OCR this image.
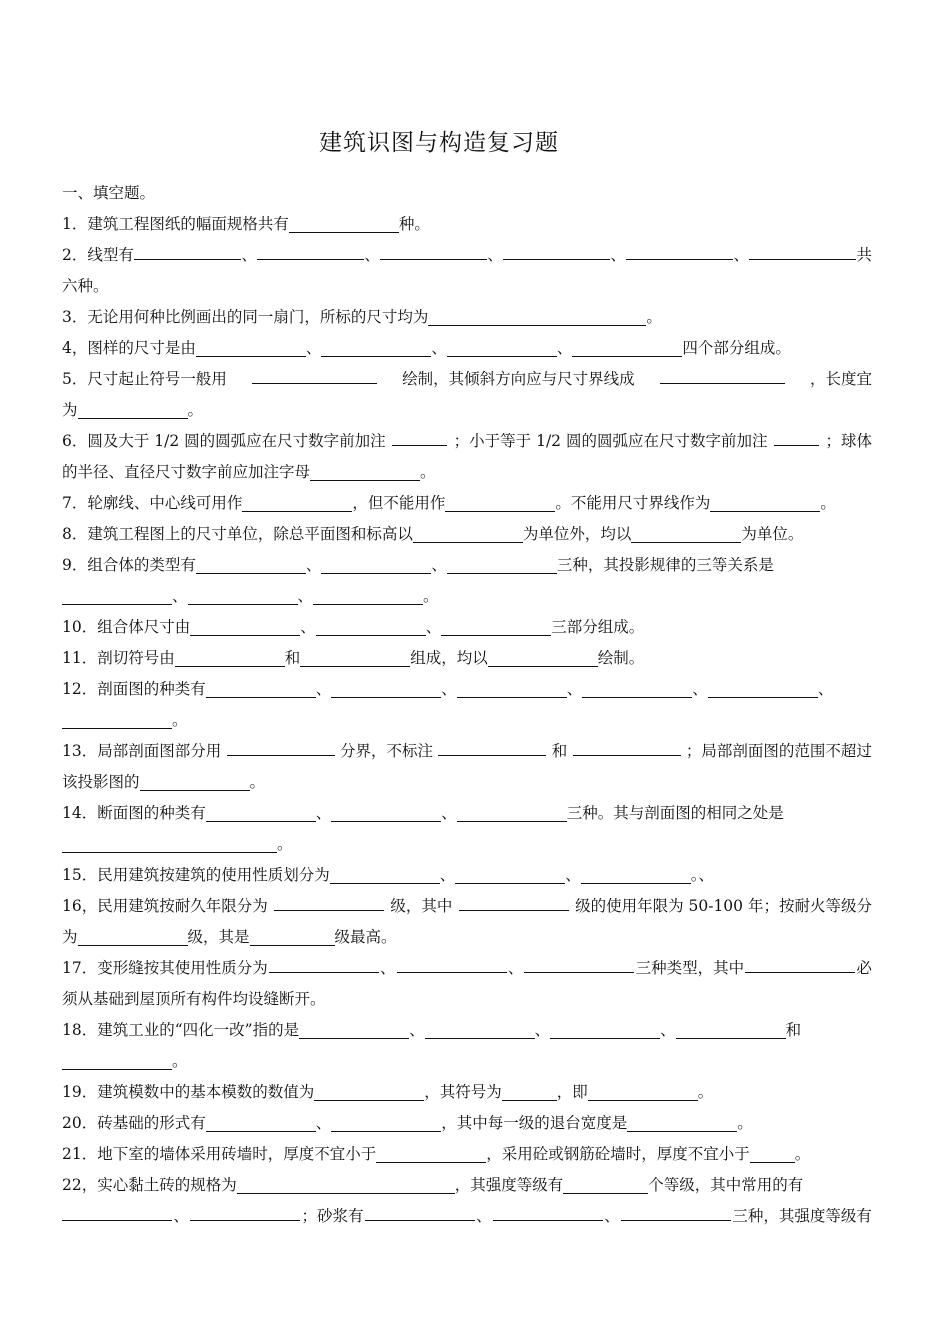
建筑识图与构造复习题
一、填空题。
1．建筑工程图纸的幅面规格共有	种。
2．线型有	、	、	、	、	、	共
六种。
3．无论用何种比例画出的同一扇门，所标的尺寸均为	。
4，图样的尺寸是由	、	、	、	四个部分组成。
5．尺寸起止符号一般用	绘制，其倾斜方向应与尺寸界线成	，长度宜
为	。
6．圆及大于 1/2 圆的圆弧应在尺寸数字前加注	；小于等于 1/2 圆的圆弧应在尺寸数字前加注	；球体
的半径、直径尺寸数字前应加注字母	。
7．轮廓线、中心线可用作	，但不能用作	。不能用尺寸界线作为	。
8．建筑工程图上的尺寸单位，除总平面图和标高以	为单位外，均以	为单位。
9．组合体的类型有	、	、	三种，其投影规律的三等关系是
、	、	。
10．组合体尺寸由	、	、	三部分组成。
11．剖切符号由	和	组成，均以	绘制。
12．剖面图的种类有	、	、	、	、	、
。
13．局部剖面图部分用	分界，不标注	和	；局部剖面图的范围不超过
该投影图的	。
14．断面图的种类有	、	、	三种。其与剖面图的相同之处是
。
15．民用建筑按建筑的使用性质划分为	、	、	。、
16，民用建筑按耐久年限分为	级，其中	级的使用年限为 50-100 年；按耐火等级分
为	级，其是	级最高。
17．变形缝按其使用性质分为	、	、	三种类型，其中	必
须从基础到屋顶所有构件均设缝断开。
18．建筑工业的“四化一改”指的是	、	、	、	和
。
19．建筑模数中的基本模数的数值为	，其符号为	，即	。
20．砖基础的形式有	、	，其中每一级的退台宽度是	。
21．地下室的墙体采用砖墙时，厚度不宜小于	，采用砼或钢筋砼墙时，厚度不宜小于	。
22，实心黏土砖的规格为	，其强度等级有	个等级，其中常用的有
、	；砂浆有	、	、	三种，其强度等级有
